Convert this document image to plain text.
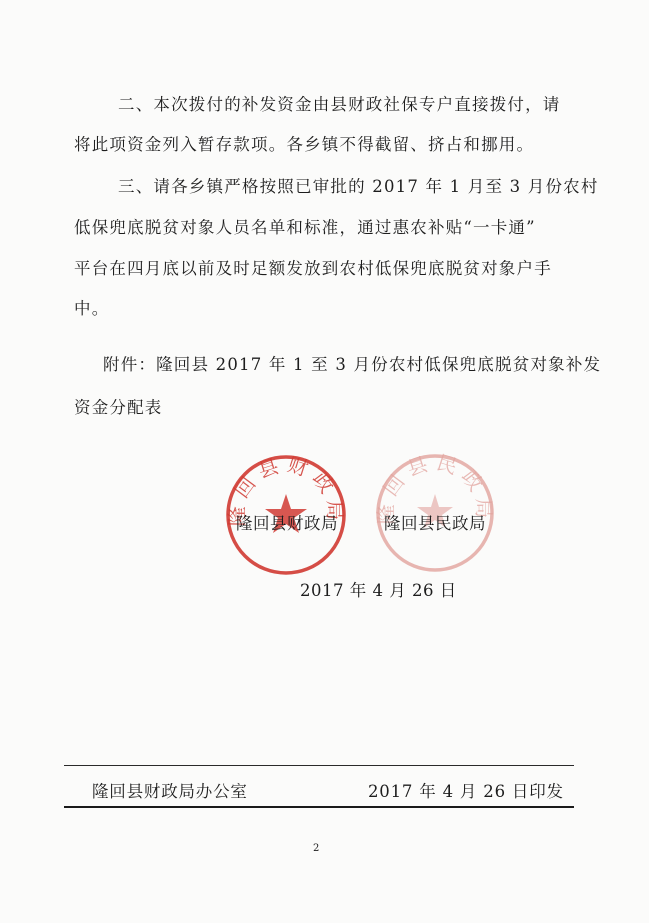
二、本次拨付的补发资金由县财政社保专户直接拨付，请
将此项资金列入暂存款项。各乡镇不得截留、挤占和挪用。
三、请各乡镇严格按照已审批的 2017 年 1 月至 3 月份农村
低保兜底脱贫对象人员名单和标准，通过惠农补贴“一卡通”
平台在四月底以前及时足额发放到农村低保兜底脱贫对象户手
中。
附件：隆回县 2017 年 1 至 3 月份农村低保兜底脱贫对象补发
资金分配表
隆回县财政局 隆回县民政局
隆回县财政局	隆回县民政局
2017 年 4 月 26 日
隆回县财政局办公室	2017 年 4 月 26 日印发
2
